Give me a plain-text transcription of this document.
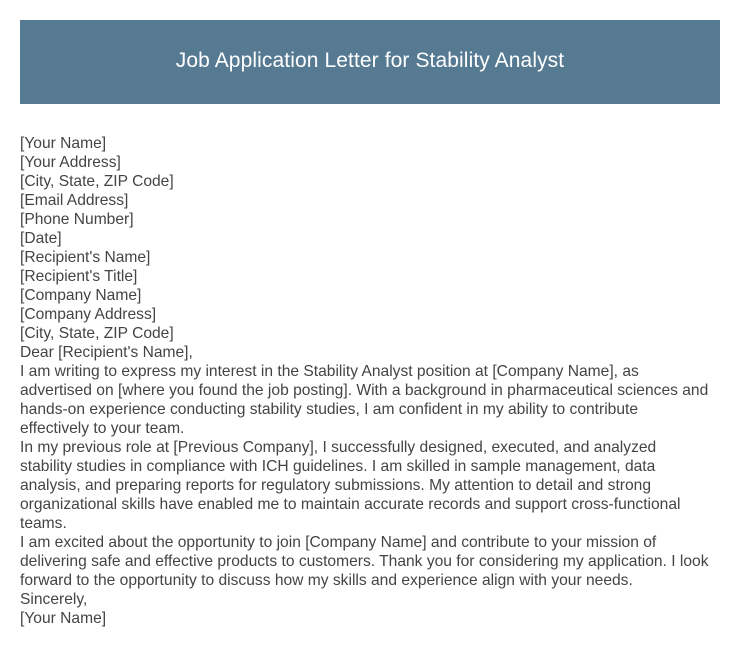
Job Application Letter for Stability Analyst
[Your Name]
[Your Address]
[City, State, ZIP Code]
[Email Address]
[Phone Number]
[Date]
[Recipient's Name]
[Recipient's Title]
[Company Name]
[Company Address]
[City, State, ZIP Code]
Dear [Recipient's Name],
I am writing to express my interest in the Stability Analyst position at [Company Name], as advertised on [where you found the job posting]. With a background in pharmaceutical sciences and hands-on experience conducting stability studies, I am confident in my ability to contribute effectively to your team.
In my previous role at [Previous Company], I successfully designed, executed, and analyzed stability studies in compliance with ICH guidelines. I am skilled in sample management, data analysis, and preparing reports for regulatory submissions. My attention to detail and strong organizational skills have enabled me to maintain accurate records and support cross-functional teams.
I am excited about the opportunity to join [Company Name] and contribute to your mission of delivering safe and effective products to customers. Thank you for considering my application. I look forward to the opportunity to discuss how my skills and experience align with your needs.
Sincerely,
[Your Name]
